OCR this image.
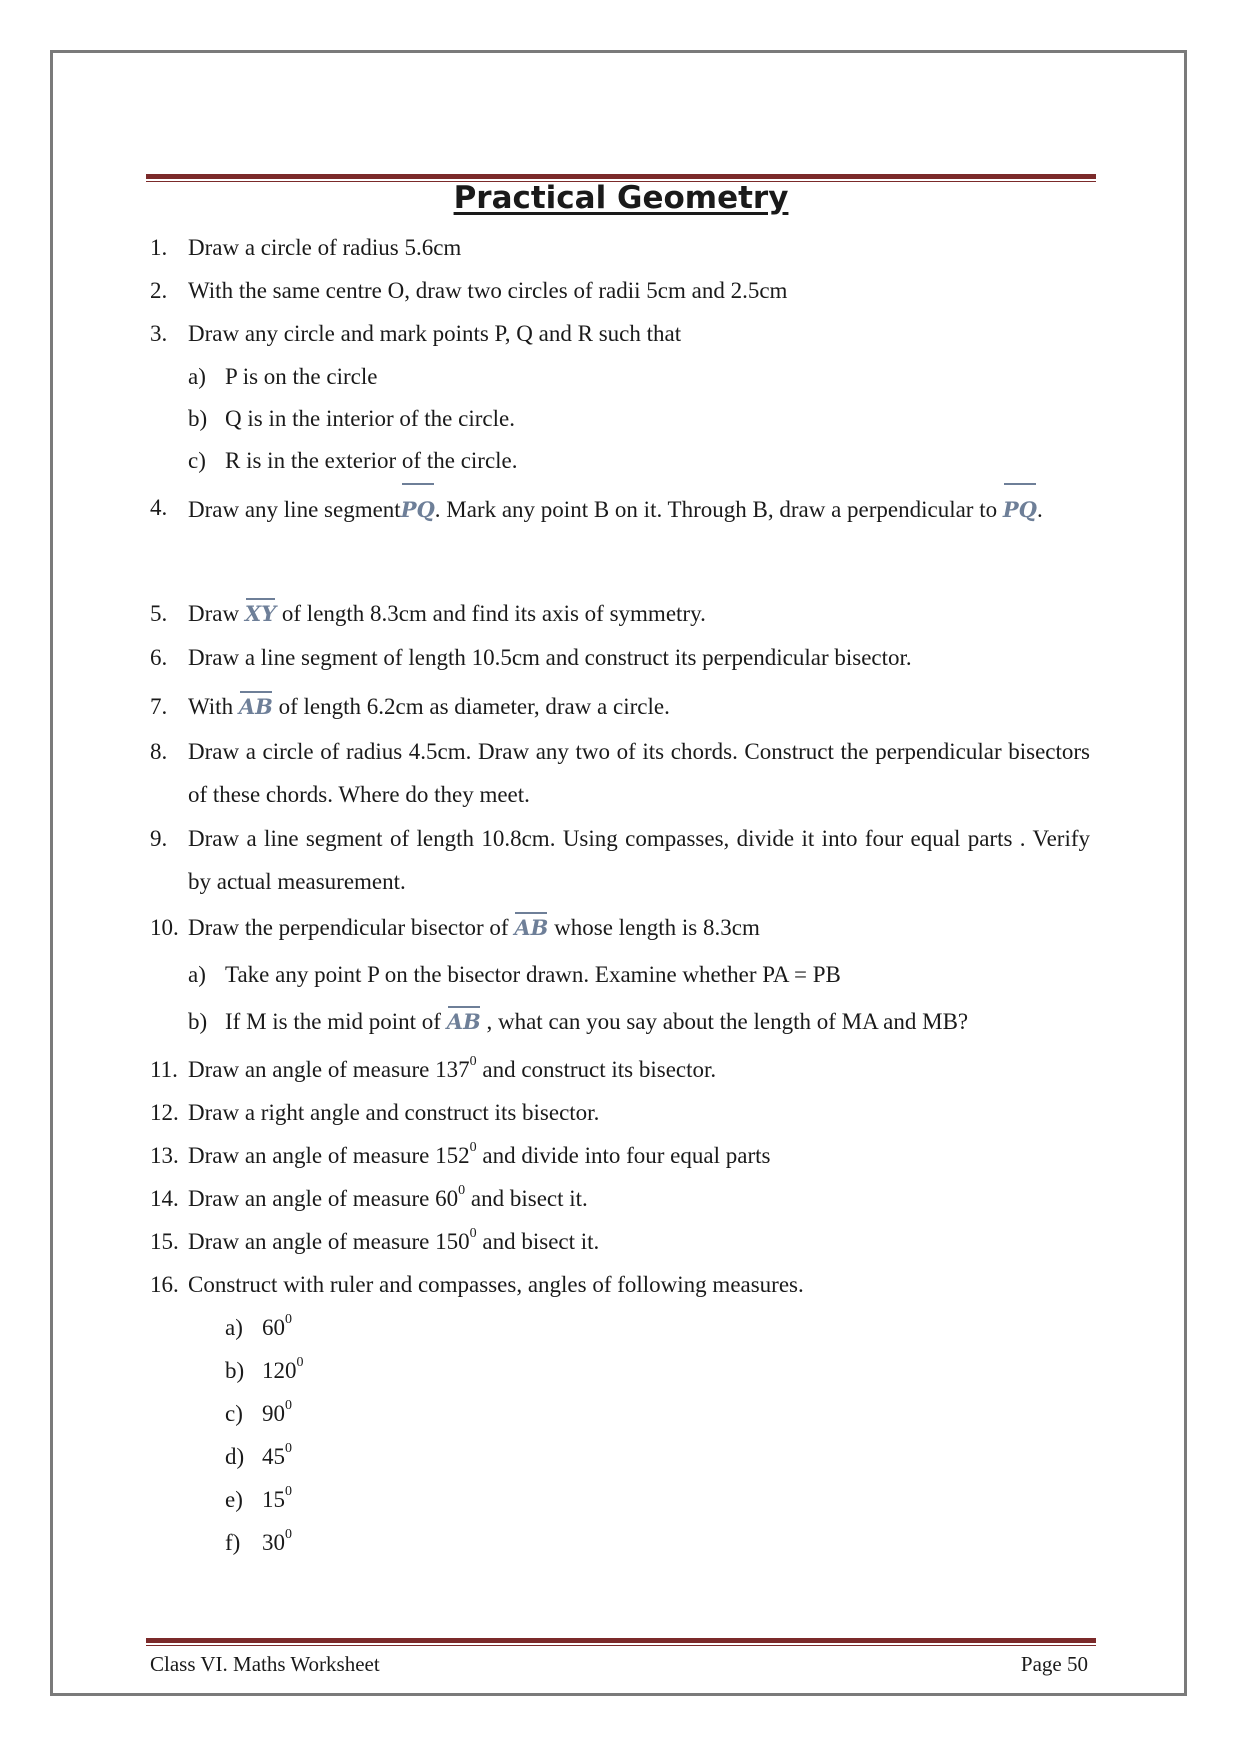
Practical Geometry
1. Draw a circle of radius 5.6cm
2. With the same centre O, draw two circles of radii 5cm and 2.5cm
3. Draw any circle and mark points P, Q and R such that
a) P is on the circle
b) Q is in the interior of the circle.
c) R is in the exterior of the circle.
4. Draw any line segmentPQ. Mark any point B on it. Through B, draw a perpendicular to PQ.
5. Draw XY of length 8.3cm and find its axis of symmetry.
6. Draw a line segment of length 10.5cm and construct its perpendicular bisector.
7. With AB of length 6.2cm as diameter, draw a circle.
8. Draw a circle of radius 4.5cm. Draw any two of its chords. Construct the perpendicular bisectors of these chords. Where do they meet.
9. Draw a line segment of length 10.8cm. Using compasses, divide it into four equal parts . Verify by actual measurement.
10. Draw the perpendicular bisector of AB whose length is 8.3cm
a) Take any point P on the bisector drawn. Examine whether PA = PB
b) If M is the mid point of AB , what can you say about the length of MA and MB?
11. Draw an angle of measure $137^0$ and construct its bisector.
12. Draw a right angle and construct its bisector.
13. Draw an angle of measure $152^0$ and divide into four equal parts
14. Draw an angle of measure $60^0$ and bisect it.
15. Draw an angle of measure $150^0$ and bisect it.
16. Construct with ruler and compasses, angles of following measures.
a) $60^0$
b) $120^0$
c) $90^0$
d) $45^0$
e) $15^0$
f) $30^0$
Class VI. Maths Worksheet	Page 50
